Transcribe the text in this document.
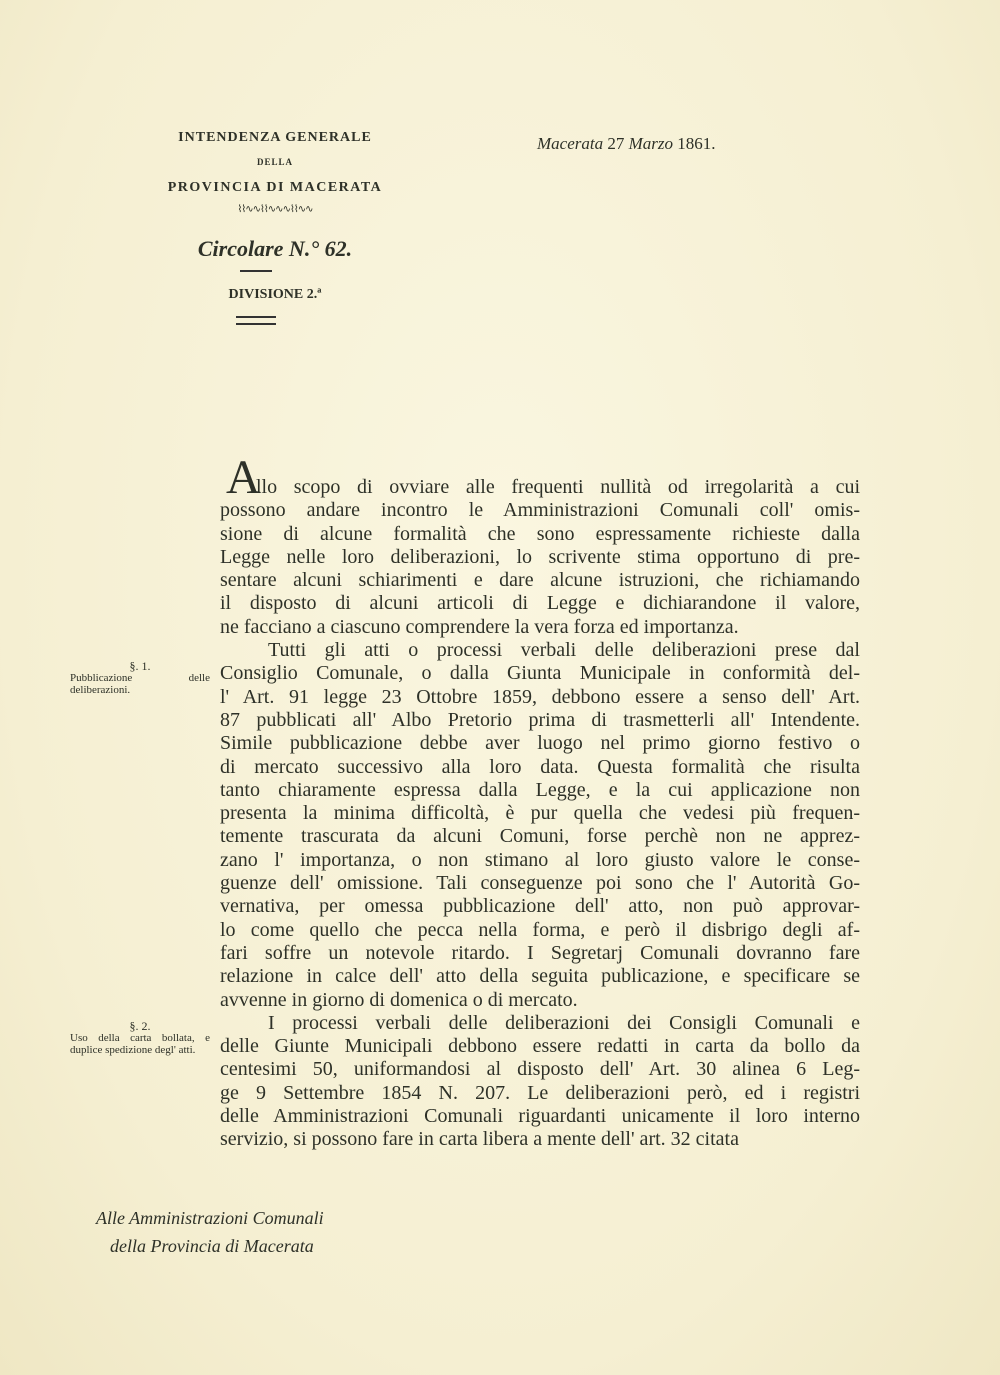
INTENDENZA GENERALE
DELLA
PROVINCIA DI MACERATA
⌇⌇∿∿⌇⌇∿∿∿⌇⌇∿∿
Circolare N.° 62.
DIVISIONE 2.ª
Macerata 27 Marzo 1861.
§. 1.
Pubblicazione delle deliberazioni.
§. 2.
Uso della carta bollata, e duplice spedizione degl' atti.
A
llo scopo di ovviare alle frequenti nullità od irregolarità a cui
possono andare incontro le Amministrazioni Comunali coll' omis-
sione di alcune formalità che sono espressamente richieste dalla
Legge nelle loro deliberazioni, lo scrivente stima opportuno di pre-
sentare alcuni schiarimenti e dare alcune istruzioni, che richiamando
il disposto di alcuni articoli di Legge e dichiarandone il valore,
ne facciano a ciascuno comprendere la vera forza ed importanza.
Tutti gli atti o processi verbali delle deliberazioni prese dal
Consiglio Comunale, o dalla Giunta Municipale in conformità del-
l' Art. 91 legge 23 Ottobre 1859, debbono essere a senso dell' Art.
87 pubblicati all' Albo Pretorio prima di trasmetterli all' Intendente.
Simile pubblicazione debbe aver luogo nel primo giorno festivo o
di mercato successivo alla loro data. Questa formalità che risulta
tanto chiaramente espressa dalla Legge, e la cui applicazione non
presenta la minima difficoltà, è pur quella che vedesi più frequen-
temente trascurata da alcuni Comuni, forse perchè non ne apprez-
zano l' importanza, o non stimano al loro giusto valore le conse-
guenze dell' omissione. Tali conseguenze poi sono che l' Autorità Go-
vernativa, per omessa pubblicazione dell' atto, non può approvar-
lo come quello che pecca nella forma, e però il disbrigo degli af-
fari soffre un notevole ritardo. I Segretarj Comunali dovranno fare
relazione in calce dell' atto della seguita publicazione, e specificare se
avvenne in giorno di domenica o di mercato.
I processi verbali delle deliberazioni dei Consigli Comunali e
delle Giunte Municipali debbono essere redatti in carta da bollo da
centesimi 50, uniformandosi al disposto dell' Art. 30 alinea 6 Leg-
ge 9 Settembre 1854 N. 207. Le deliberazioni però, ed i registri
delle Amministrazioni Comunali riguardanti unicamente il loro interno
servizio, si possono fare in carta libera a mente dell' art. 32 citata
Alle Amministrazioni Comunali
della Provincia di Macerata
